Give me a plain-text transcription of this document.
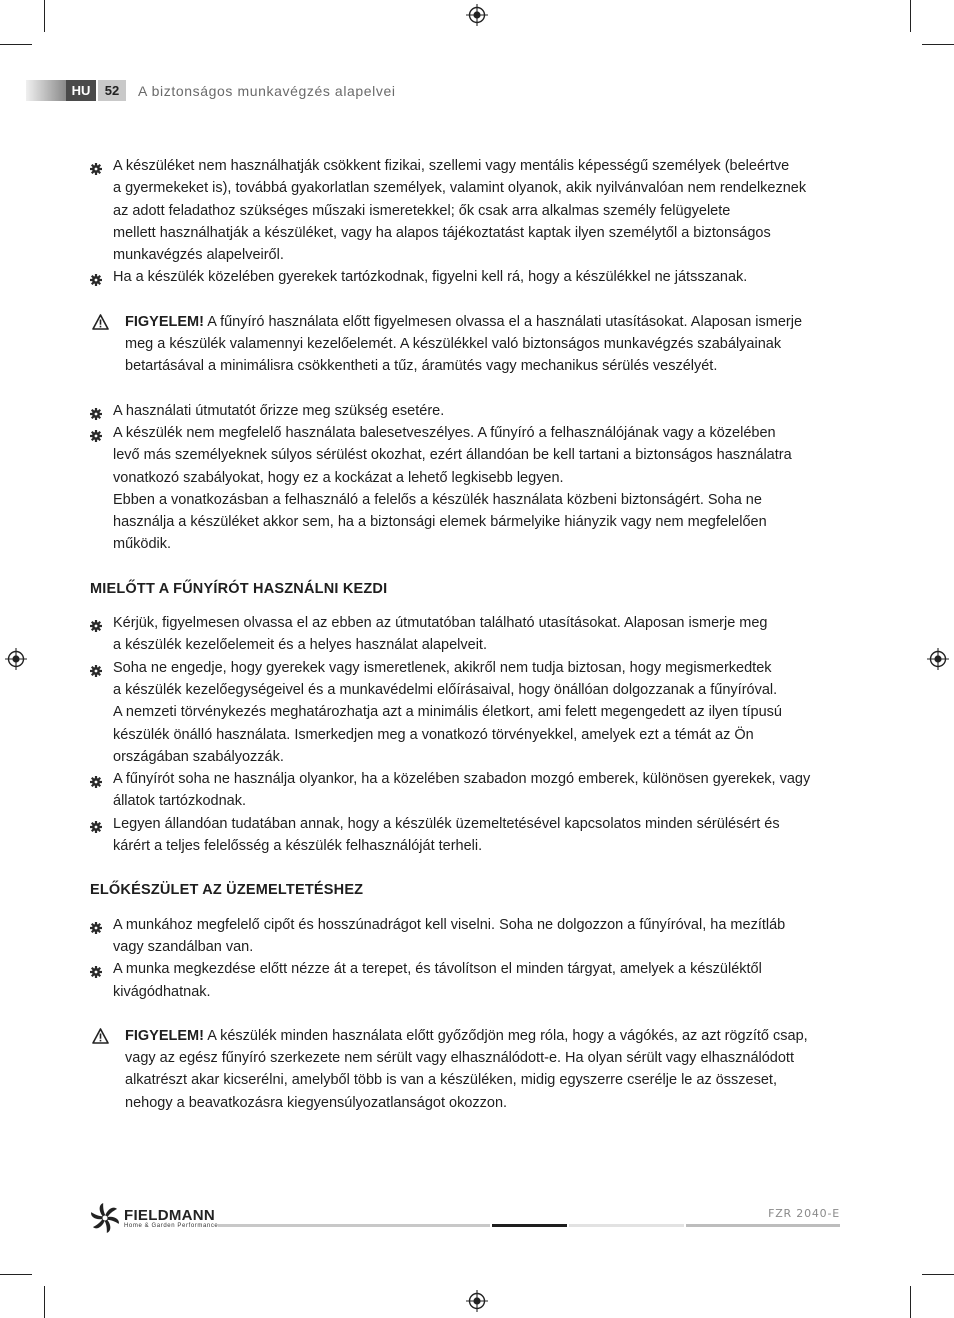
HU	52	A biztonságos munkavégzés alapelvei
A készüléket nem használhatják csökkent fizikai, szellemi vagy mentális képességű személyek (beleértve
a gyermekeket is), továbbá gyakorlatlan személyek, valamint olyanok, akik nyilvánvalóan nem rendelkeznek
az adott feladathoz szükséges műszaki ismeretekkel; ők csak arra alkalmas személy felügyelete
mellett használhatják a készüléket, vagy ha alapos tájékoztatást kaptak ilyen személytől a biztonságos
munkavégzés alapelveiről.
Ha a készülék közelében gyerekek tartózkodnak, figyelni kell rá, hogy a készülékkel ne játsszanak.
FIGYELEM! A fűnyíró használata előtt figyelmesen olvassa el a használati utasításokat. Alaposan ismerje
meg a készülék valamennyi kezelőelemét. A készülékkel való biztonságos munkavégzés szabályainak
betartásával a minimálisra csökkentheti a tűz, áramütés vagy mechanikus sérülés veszélyét.
A használati útmutatót őrizze meg szükség esetére.
A készülék nem megfelelő használata balesetveszélyes. A fűnyíró a felhasználójának vagy a közelében
levő más személyeknek súlyos sérülést okozhat, ezért állandóan be kell tartani a biztonságos használatra
vonatkozó szabályokat, hogy ez a kockázat a lehető legkisebb legyen.
Ebben a vonatkozásban a felhasználó a felelős a készülék használata közbeni biztonságért. Soha ne
használja a készüléket akkor sem, ha a biztonsági elemek bármelyike hiányzik vagy nem megfelelően
működik.
MIELŐTT A FŰNYÍRÓT HASZNÁLNI KEZDI
Kérjük, figyelmesen olvassa el az ebben az útmutatóban található utasításokat. Alaposan ismerje meg
a készülék kezelőelemeit és a helyes használat alapelveit.
Soha ne engedje, hogy gyerekek vagy ismeretlenek, akikről nem tudja biztosan, hogy megismerkedtek
a készülék kezelőegységeivel és a munkavédelmi előírásaival, hogy önállóan dolgozzanak a fűnyíróval.
A nemzeti törvénykezés meghatározhatja azt a minimális életkort, ami felett megengedett az ilyen típusú
készülék önálló használata. Ismerkedjen meg a vonatkozó törvényekkel, amelyek ezt a témát az Ön
országában szabályozzák.
A fűnyírót soha ne használja olyankor, ha a közelében szabadon mozgó emberek, különösen gyerekek, vagy
állatok tartózkodnak.
Legyen állandóan tudatában annak, hogy a készülék üzemeltetésével kapcsolatos minden sérülésért és
kárért a teljes felelősség a készülék felhasználóját terheli.
ELŐKÉSZÜLET AZ ÜZEMELTETÉSHEZ
A munkához megfelelő cipőt és hosszúnadrágot kell viselni. Soha ne dolgozzon a fűnyíróval, ha mezítláb
vagy szandálban van.
A munka megkezdése előtt nézze át a terepet, és távolítson el minden tárgyat, amelyek a készüléktől
kivágódhatnak.
FIGYELEM! A készülék minden használata előtt győződjön meg róla, hogy a vágókés, az azt rögzítő csap,
vagy az egész fűnyíró szerkezete nem sérült vagy elhasználódott-e. Ha olyan sérült vagy elhasználódott
alkatrészt akar kicserélni, amelyből több is van a készüléken, midig egyszerre cserélje le az összeset,
nehogy a beavatkozásra kiegyensúlyozatlanságot okozzon.
FIELDMANN
Home & Garden Performance
FZR 2040-E
